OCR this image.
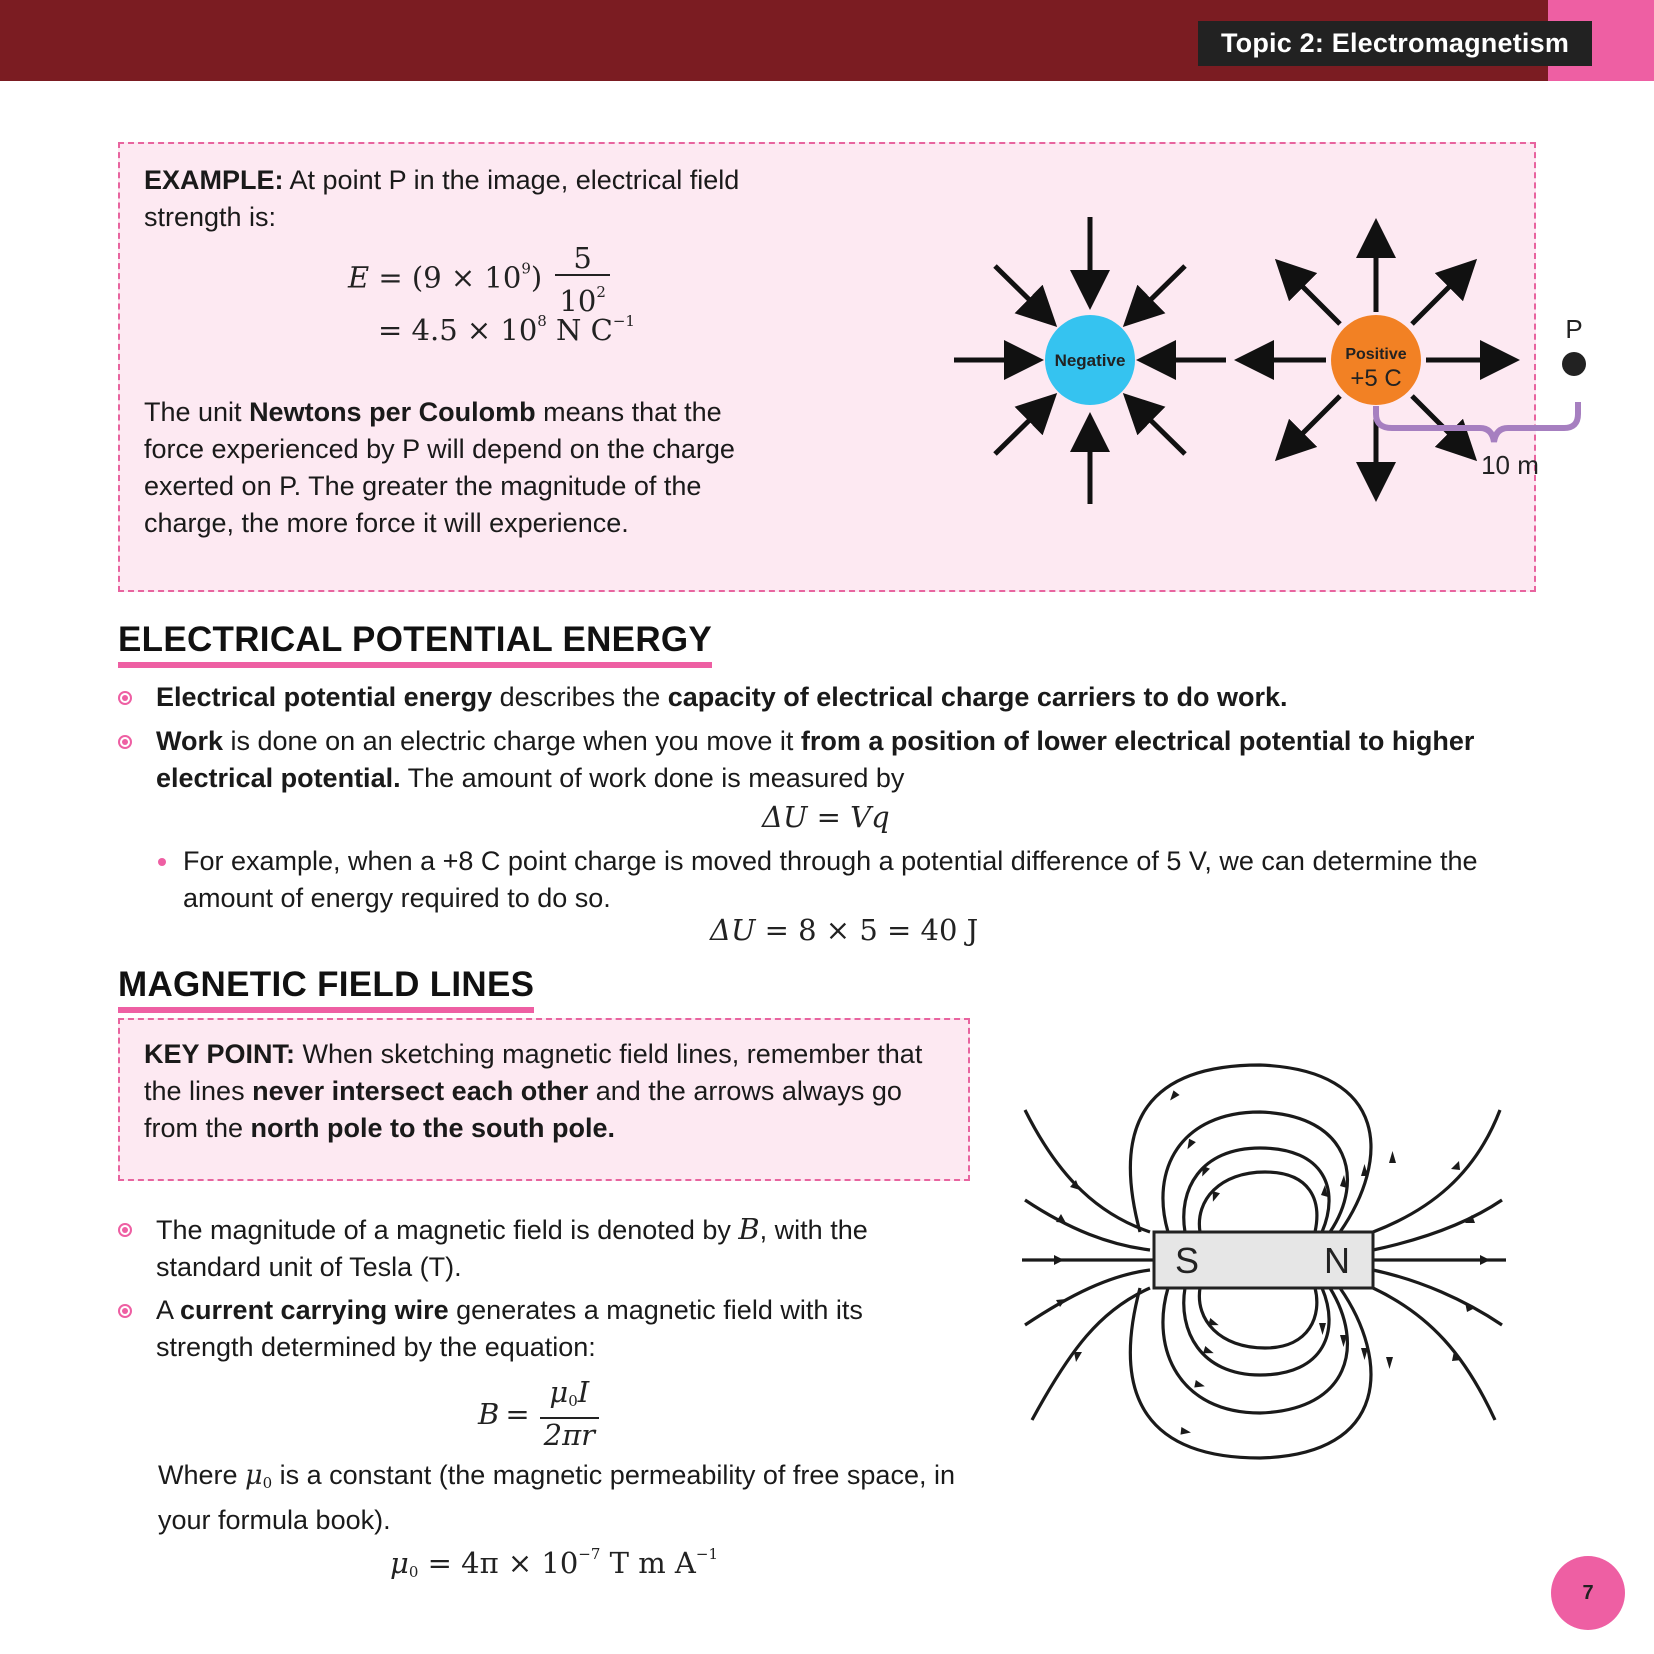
Topic 2: Electromagnetism
EXAMPLE: At point P in the image, electrical field
strength is:
$E = (9 \times 10^9) \frac{5}{10^2}$
= $4.5 \times 10^8$ N $C^{-1}$
The unit Newtons per Coulomb means that the force experienced by P will depend on the charge exerted on P. The greater the magnitude of the charge, the more force it will experience.
Negative	Positive
+5 C
P
10 m
ELECTRICAL POTENTIAL ENERGY
Electrical potential energy describes the capacity of electrical charge carriers to do work.
Work is done on an electric charge when you move it from a position of lower electrical potential to higher electrical potential. The amount of work done is measured by
ΔU = Vq
For example, when a +8 C point charge is moved through a potential difference of 5 V, we can determine the amount of energy required to do so.
ΔU = 8 × 5 = 40 J
MAGNETIC FIELD LINES
KEY POINT: When sketching magnetic field lines, remember that the lines never intersect each other and the arrows always go from the north pole to the south pole.
The magnitude of a magnetic field is denoted by B, with the standard unit of Tesla (T).
A current carrying wire generates a magnetic field with its strength determined by the equation:
$B = \frac{\mu_0I}{2\pi r}$
Where $\mu_0$ is a constant (the magnetic permeability of free space, in your formula book).
$\mu_0 = 4\pi \times 10^{-7}$ T m $A^{-1}$
S	N
7
